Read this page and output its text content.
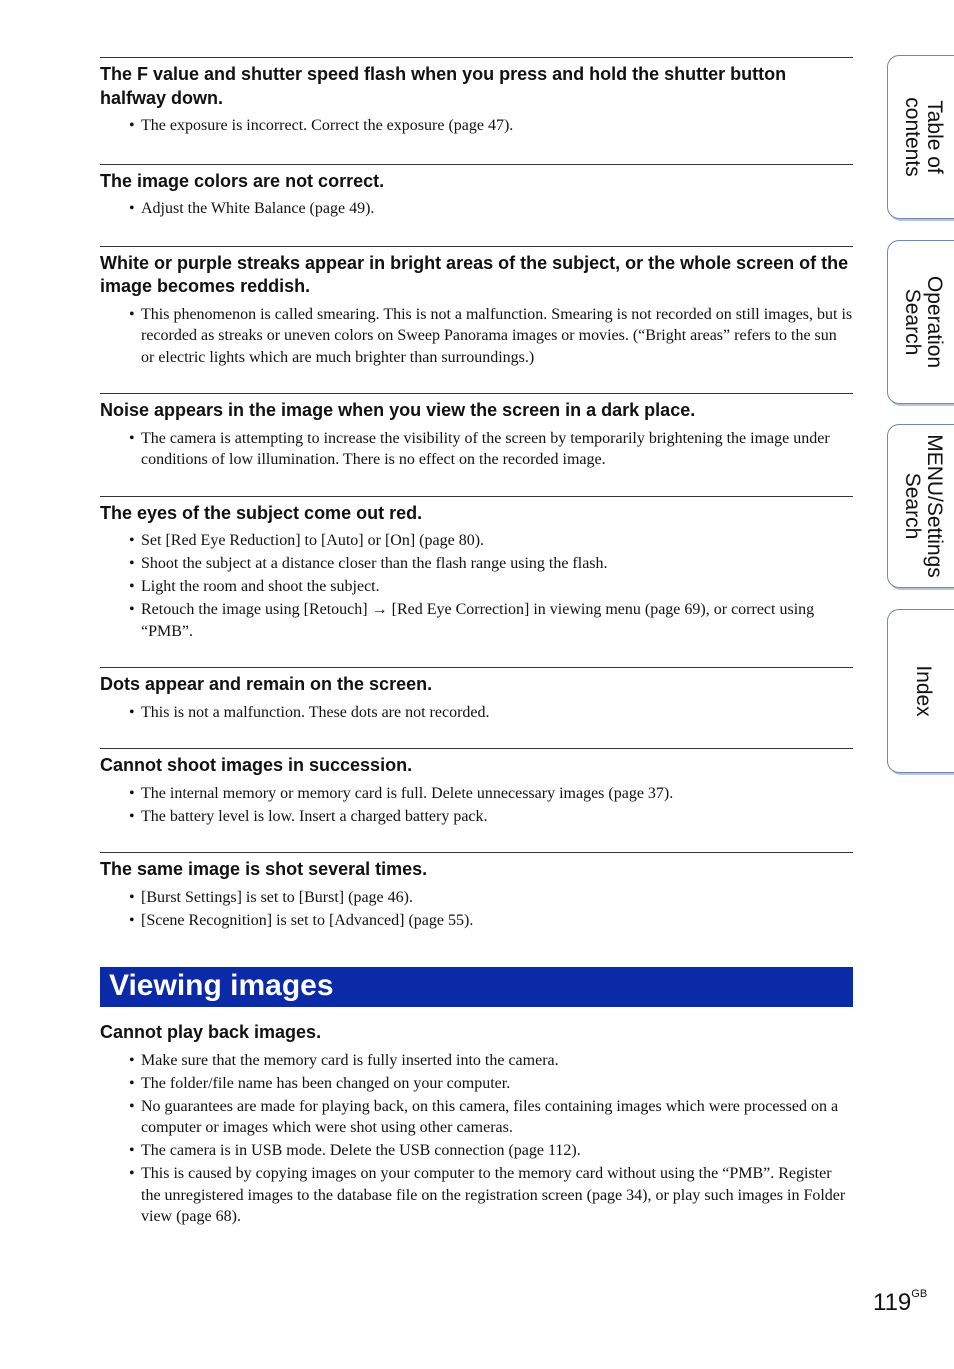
The F value and shutter speed flash when you press and hold the shutter button halfway down.
• The exposure is incorrect. Correct the exposure (page 47).
The image colors are not correct.
• Adjust the White Balance (page 49).
White or purple streaks appear in bright areas of the subject, or the whole screen of the image becomes reddish.
• This phenomenon is called smearing. This is not a malfunction. Smearing is not recorded on still images, but is recorded as streaks or uneven colors on Sweep Panorama images or movies. (“Bright areas” refers to the sun or electric lights which are much brighter than surroundings.)
Noise appears in the image when you view the screen in a dark place.
• The camera is attempting to increase the visibility of the screen by temporarily brightening the image under conditions of low illumination. There is no effect on the recorded image.
The eyes of the subject come out red.
• Set [Red Eye Reduction] to [Auto] or [On] (page 80).
• Shoot the subject at a distance closer than the flash range using the flash.
• Light the room and shoot the subject.
• Retouch the image using [Retouch] → [Red Eye Correction] in viewing menu (page 69), or correct using “PMB”.
Dots appear and remain on the screen.
• This is not a malfunction. These dots are not recorded.
Cannot shoot images in succession.
• The internal memory or memory card is full. Delete unnecessary images (page 37).
• The battery level is low. Insert a charged battery pack.
The same image is shot several times.
• [Burst Settings] is set to [Burst] (page 46).
• [Scene Recognition] is set to [Advanced] (page 55).
Viewing images
Cannot play back images.
• Make sure that the memory card is fully inserted into the camera.
• The folder/file name has been changed on your computer.
• No guarantees are made for playing back, on this camera, files containing images which were processed on a computer or images which were shot using other cameras.
• The camera is in USB mode. Delete the USB connection (page 112).
• This is caused by copying images on your computer to the memory card without using the “PMB”. Register the unregistered images to the database file on the registration screen (page 34), or play such images in Folder view (page 68).
Table of
contents
Operation
Search
MENU/Settings
Search
Index
$119^{GB}$
